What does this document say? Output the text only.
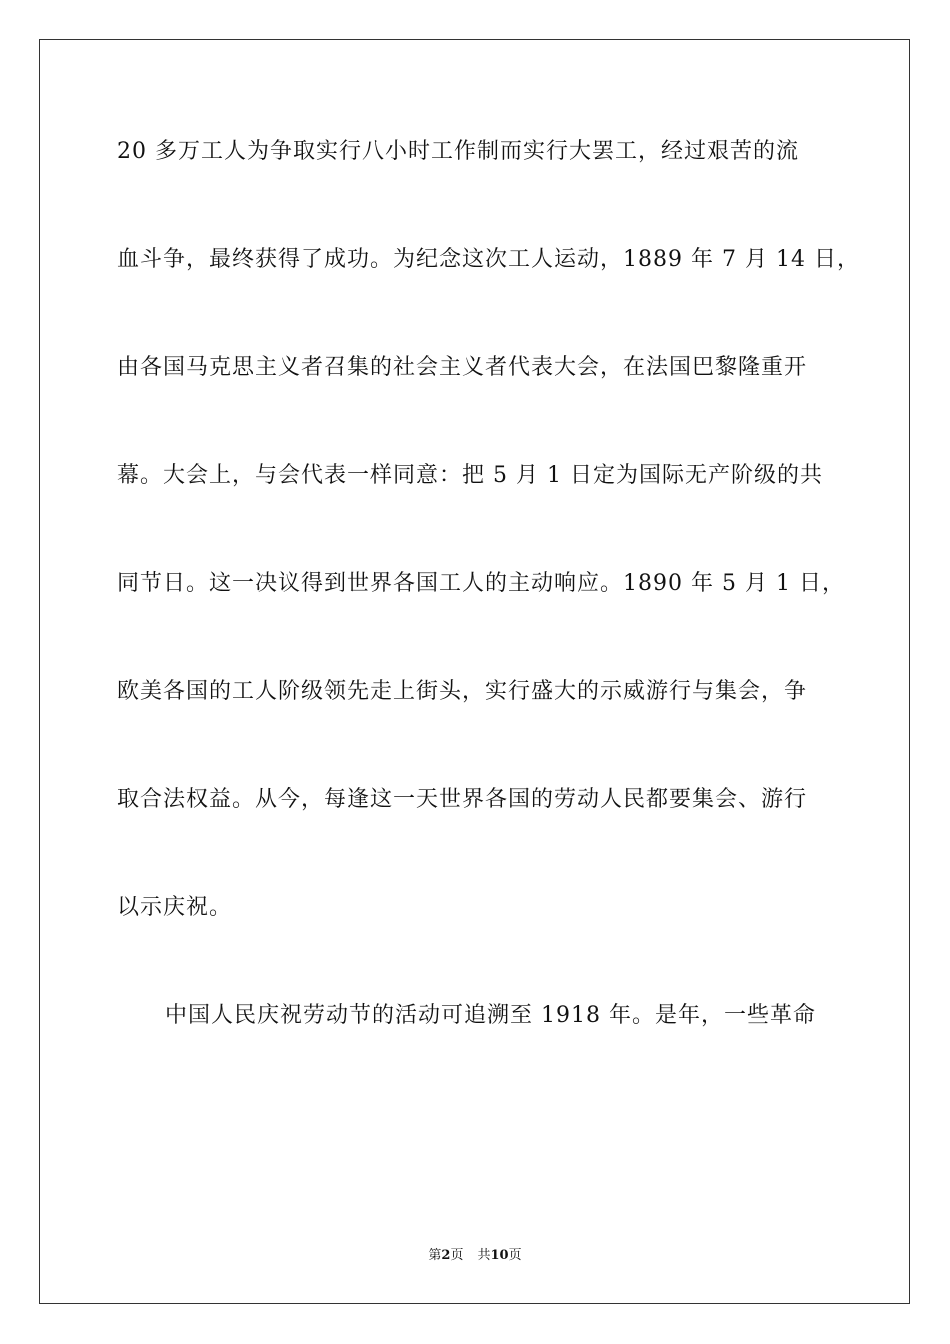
20 多万工人为争取实行八小时工作制而实行大罢工，经过艰苦的流
血斗争，最终获得了成功。为纪念这次工人运动，1889 年 7 月 14 日，
由各国马克思主义者召集的社会主义者代表大会，在法国巴黎隆重开
幕。大会上，与会代表一样同意：把 5 月 1 日定为国际无产阶级的共
同节日。这一决议得到世界各国工人的主动响应。1890 年 5 月 1 日，
欧美各国的工人阶级领先走上街头，实行盛大的示威游行与集会，争
取合法权益。从今，每逢这一天世界各国的劳动人民都要集会、游行
以示庆祝。
中国人民庆祝劳动节的活动可追溯至 1918 年。是年，一些革命
第2页 共10页
